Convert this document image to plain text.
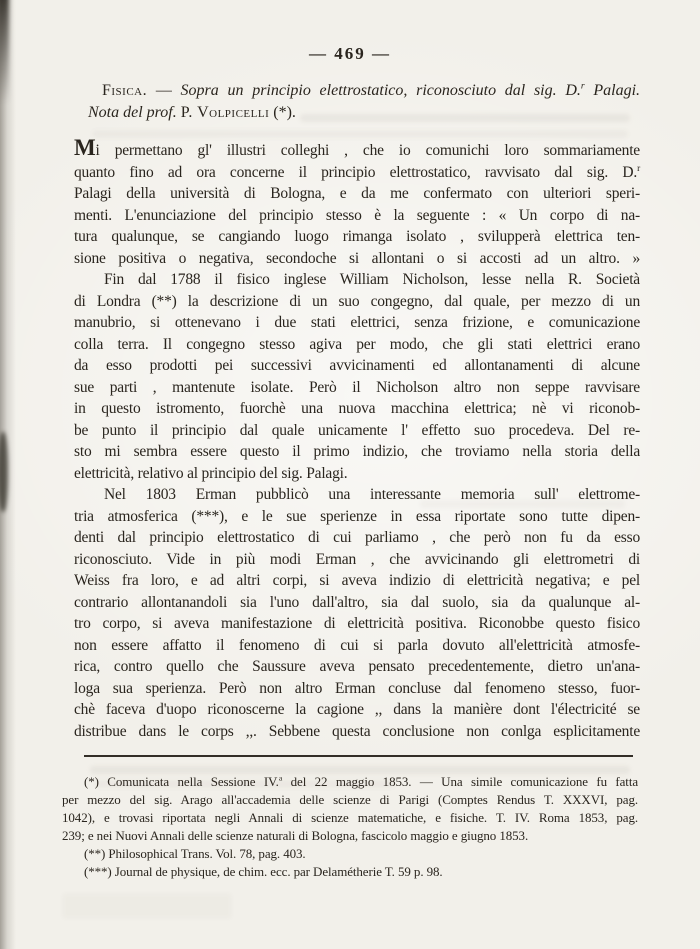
— 469 —
Fisica. — Sopra un principio elettrostatico, riconosciuto dal sig. D.$^r$ Palagi.
Nota del prof. P. Volpicelli (*).
Mi permettano gl' illustri colleghi , che io comunichi loro sommariamente
quanto fino ad ora concerne il principio elettrostatico, ravvisato dal sig. D.$^r$
Palagi della università di Bologna, e da me confermato con ulteriori speri-
menti. L'enunciazione del principio stesso è la seguente : « Un corpo di na-
tura qualunque, se cangiando luogo rimanga isolato , svilupperà elettrica ten-
sione positiva o negativa, secondoche si allontani o si accosti ad un altro. »
Fin dal 1788 il fisico inglese William Nicholson, lesse nella R. Società
di Londra (**) la descrizione di un suo congegno, dal quale, per mezzo di un
manubrio, si ottenevano i due stati elettrici, senza frizione, e comunicazione
colla terra. Il congegno stesso agiva per modo, che gli stati elettrici erano
da esso prodotti pei successivi avvicinamenti ed allontanamenti di alcune
sue parti , mantenute isolate. Però il Nicholson altro non seppe ravvisare
in questo istromento, fuorchè una nuova macchina elettrica; nè vi riconob-
be punto il principio dal quale unicamente l' effetto suo procedeva. Del re-
sto mi sembra essere questo il primo indizio, che troviamo nella storia della
elettricità, relativo al principio del sig. Palagi.
Nel 1803 Erman pubblicò una interessante memoria sull' elettrome-
tria atmosferica (***), e le sue sperienze in essa riportate sono tutte dipen-
denti dal principio elettrostatico di cui parliamo , che però non fu da esso
riconosciuto. Vide in più modi Erman , che avvicinando gli elettrometri di
Weiss fra loro, e ad altri corpi, si aveva indizio di elettricità negativa; e pel
contrario allontanandoli sia l'uno dall'altro, sia dal suolo, sia da qualunque al-
tro corpo, si aveva manifestazione di elettricità positiva. Riconobbe questo fisico
non essere affatto il fenomeno di cui si parla dovuto all'elettricità atmosfe-
rica, contro quello che Saussure aveva pensato precedentemente, dietro un'ana-
loga sua sperienza. Però non altro Erman concluse dal fenomeno stesso, fuor-
chè faceva d'uopo riconoscerne la cagione ,, dans la manière dont l'électricité se
distribue dans le corps ,,. Sebbene questa conclusione non conlga esplicitamente
(*) Comunicata nella Sessione IV.$^a$ del 22 maggio 1853. — Una simile comunicazione fu fatta
per mezzo del sig. Arago all'accademia delle scienze di Parigi (Comptes Rendus T. XXXVI, pag.
1042), e trovasi riportata negli Annali di scienze matematiche, e fisiche. T. IV. Roma 1853, pag.
239; e nei Nuovi Annali delle scienze naturali di Bologna, fascicolo maggio e giugno 1853.
(**) Philosophical Trans. Vol. 78, pag. 403.
(***) Journal de physique, de chim. ecc. par Delamétherie T. 59 p. 98.
